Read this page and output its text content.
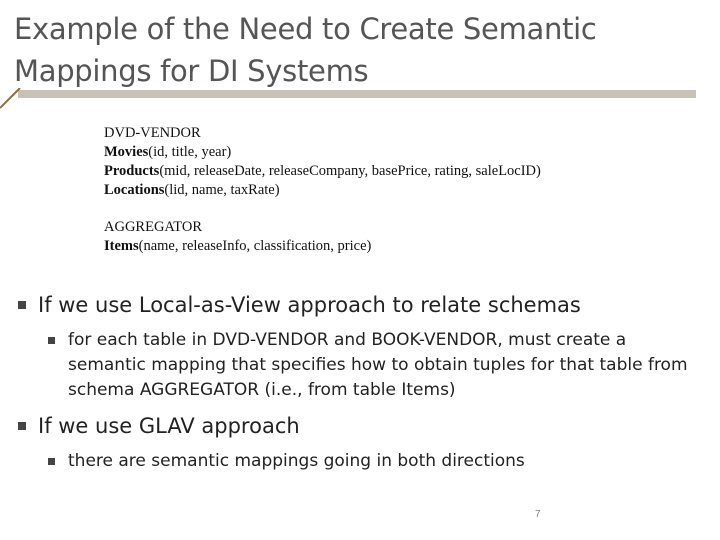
Example of the Need to Create Semantic
Mappings for DI Systems
DVD-VENDOR
Movies(id, title, year)
Products(mid, releaseDate, releaseCompany, basePrice, rating, saleLocID)
Locations(lid, name, taxRate)
AGGREGATOR
Items(name, releaseInfo, classification, price)
If we use Local-as-View approach to relate schemas
for each table in DVD-VENDOR and BOOK-VENDOR, must create a semantic mapping that specifies how to obtain tuples for that table from schema AGGREGATOR (i.e., from table Items)
If we use GLAV approach
there are semantic mappings going in both directions
7
